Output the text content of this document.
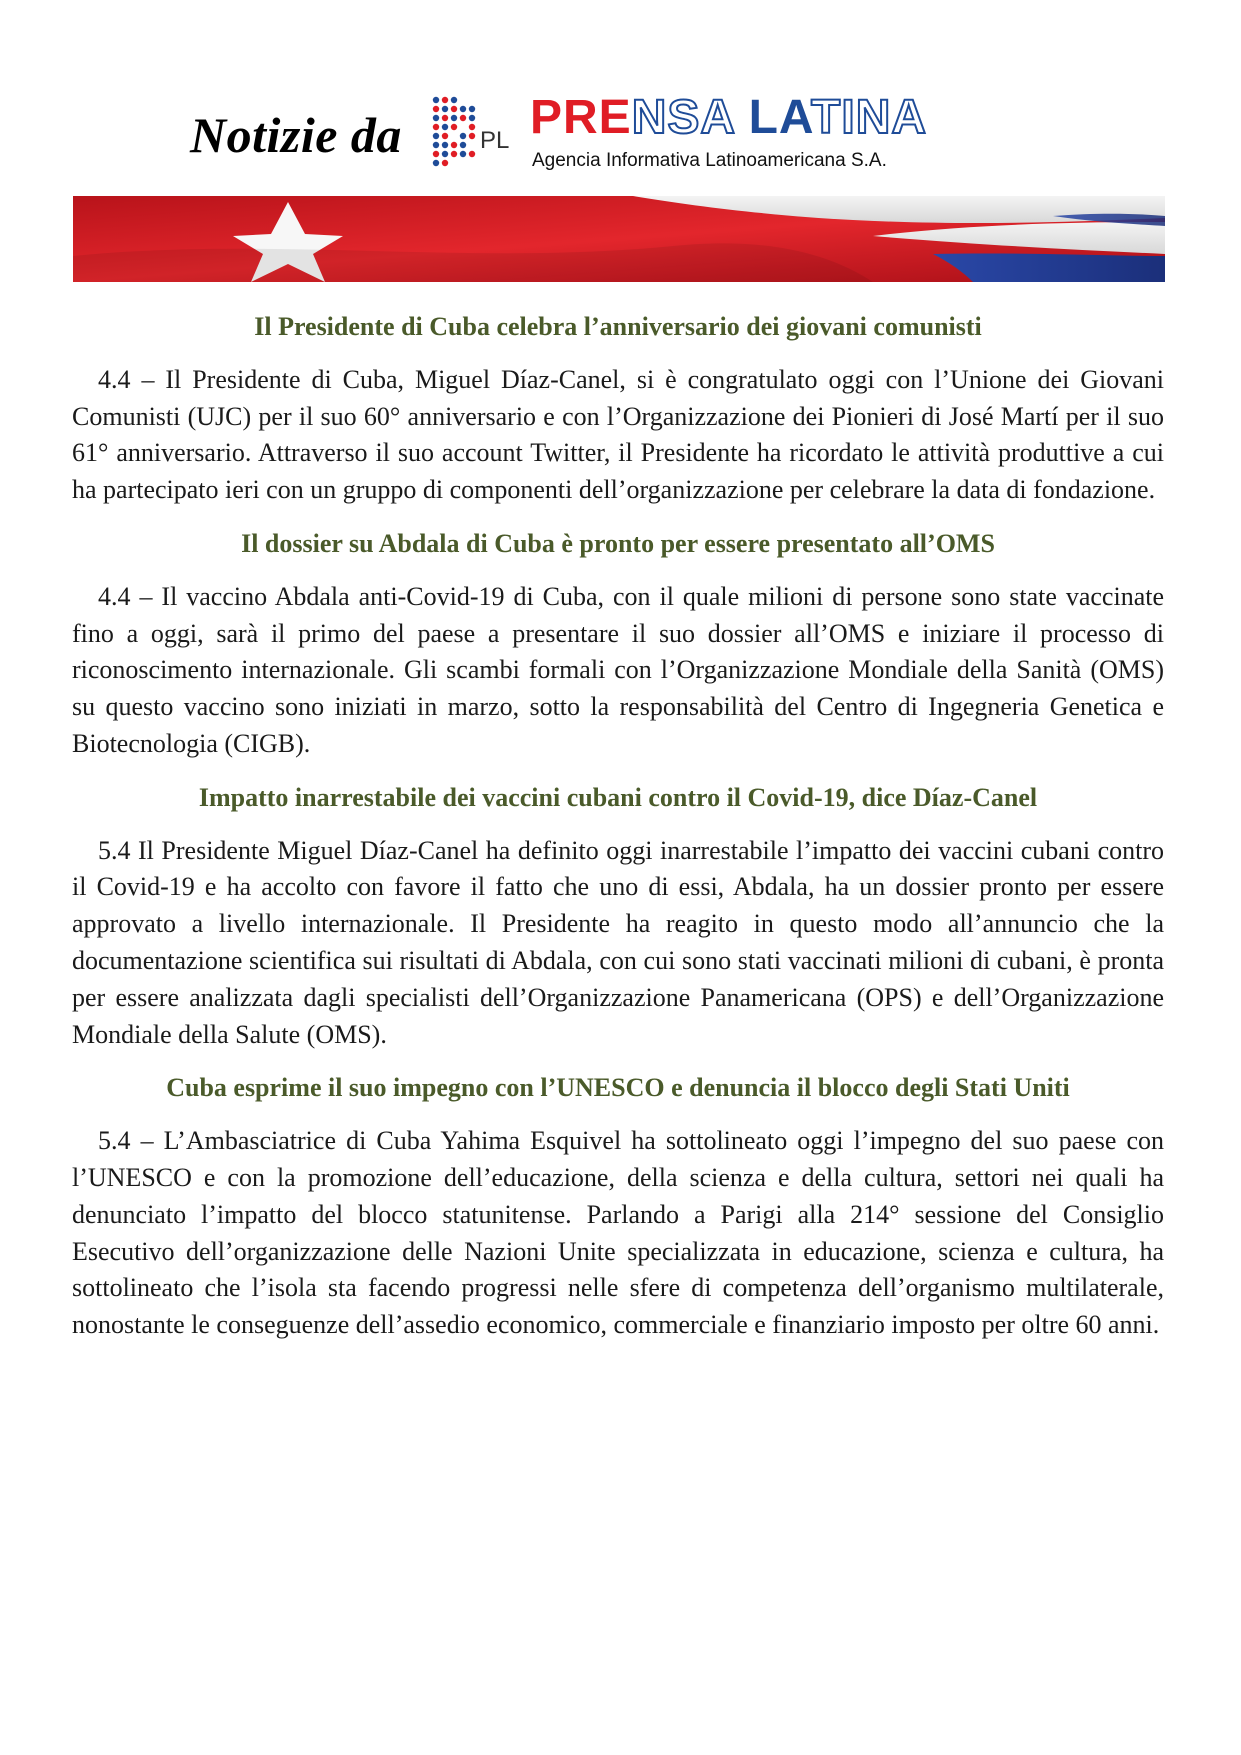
Notizie da	PL PRENSA LATINA
Agencia Informativa Latinoamericana S.A.
Il Presidente di Cuba celebra l’anniversario dei giovani comunisti

4.4 – Il Presidente di Cuba, Miguel Díaz-Canel, si è congratulato oggi con l’Unione dei Giovani Comunisti (UJC) per il suo 60° anniversario e con l’Organizzazione dei Pionieri di José Martí per il suo 61° anniversario. Attraverso il suo account Twitter, il Presidente ha ricordato le attività produttive a cui ha partecipato ieri con un gruppo di componenti dell’organizzazione per celebrare la data di fondazione.

Il dossier su Abdala di Cuba è pronto per essere presentato all’OMS

4.4 – Il vaccino Abdala anti-Covid-19 di Cuba, con il quale milioni di persone sono state vaccinate fino a oggi, sarà il primo del paese a presentare il suo dossier all’OMS e iniziare il processo di riconoscimento internazionale. Gli scambi formali con l’Organizzazione Mondiale della Sanità (OMS) su questo vaccino sono iniziati in marzo, sotto la responsabilità del Centro di Ingegneria Genetica e Biotecnologia (CIGB).

Impatto inarrestabile dei vaccini cubani contro il Covid-19, dice Díaz-Canel

5.4 Il Presidente Miguel Díaz-Canel ha definito oggi inarrestabile l’impatto dei vaccini cubani contro il Covid-19 e ha accolto con favore il fatto che uno di essi, Abdala, ha un dossier pronto per essere approvato a livello internazionale. Il Presidente ha reagito in questo modo all’annuncio che la documentazione scientifica sui risultati di Abdala, con cui sono stati vaccinati milioni di cubani, è pronta per essere analizzata dagli specialisti dell’Organizzazione Panamericana (OPS) e dell’Organizzazione Mondiale della Salute (OMS).

Cuba esprime il suo impegno con l’UNESCO e denuncia il blocco degli Stati Uniti

5.4 – L’Ambasciatrice di Cuba Yahima Esquivel ha sottolineato oggi l’impegno del suo paese con l’UNESCO e con la promozione dell’educazione, della scienza e della cultura, settori nei quali ha denunciato l’impatto del blocco statunitense. Parlando a Parigi alla 214° sessione del Consiglio Esecutivo dell’organizzazione delle Nazioni Unite specializzata in educazione, scienza e cultura, ha sottolineato che l’isola sta facendo progressi nelle sfere di competenza dell’organismo multilaterale, nonostante le conseguenze dell’assedio economico, commerciale e finanziario imposto per oltre 60 anni.
